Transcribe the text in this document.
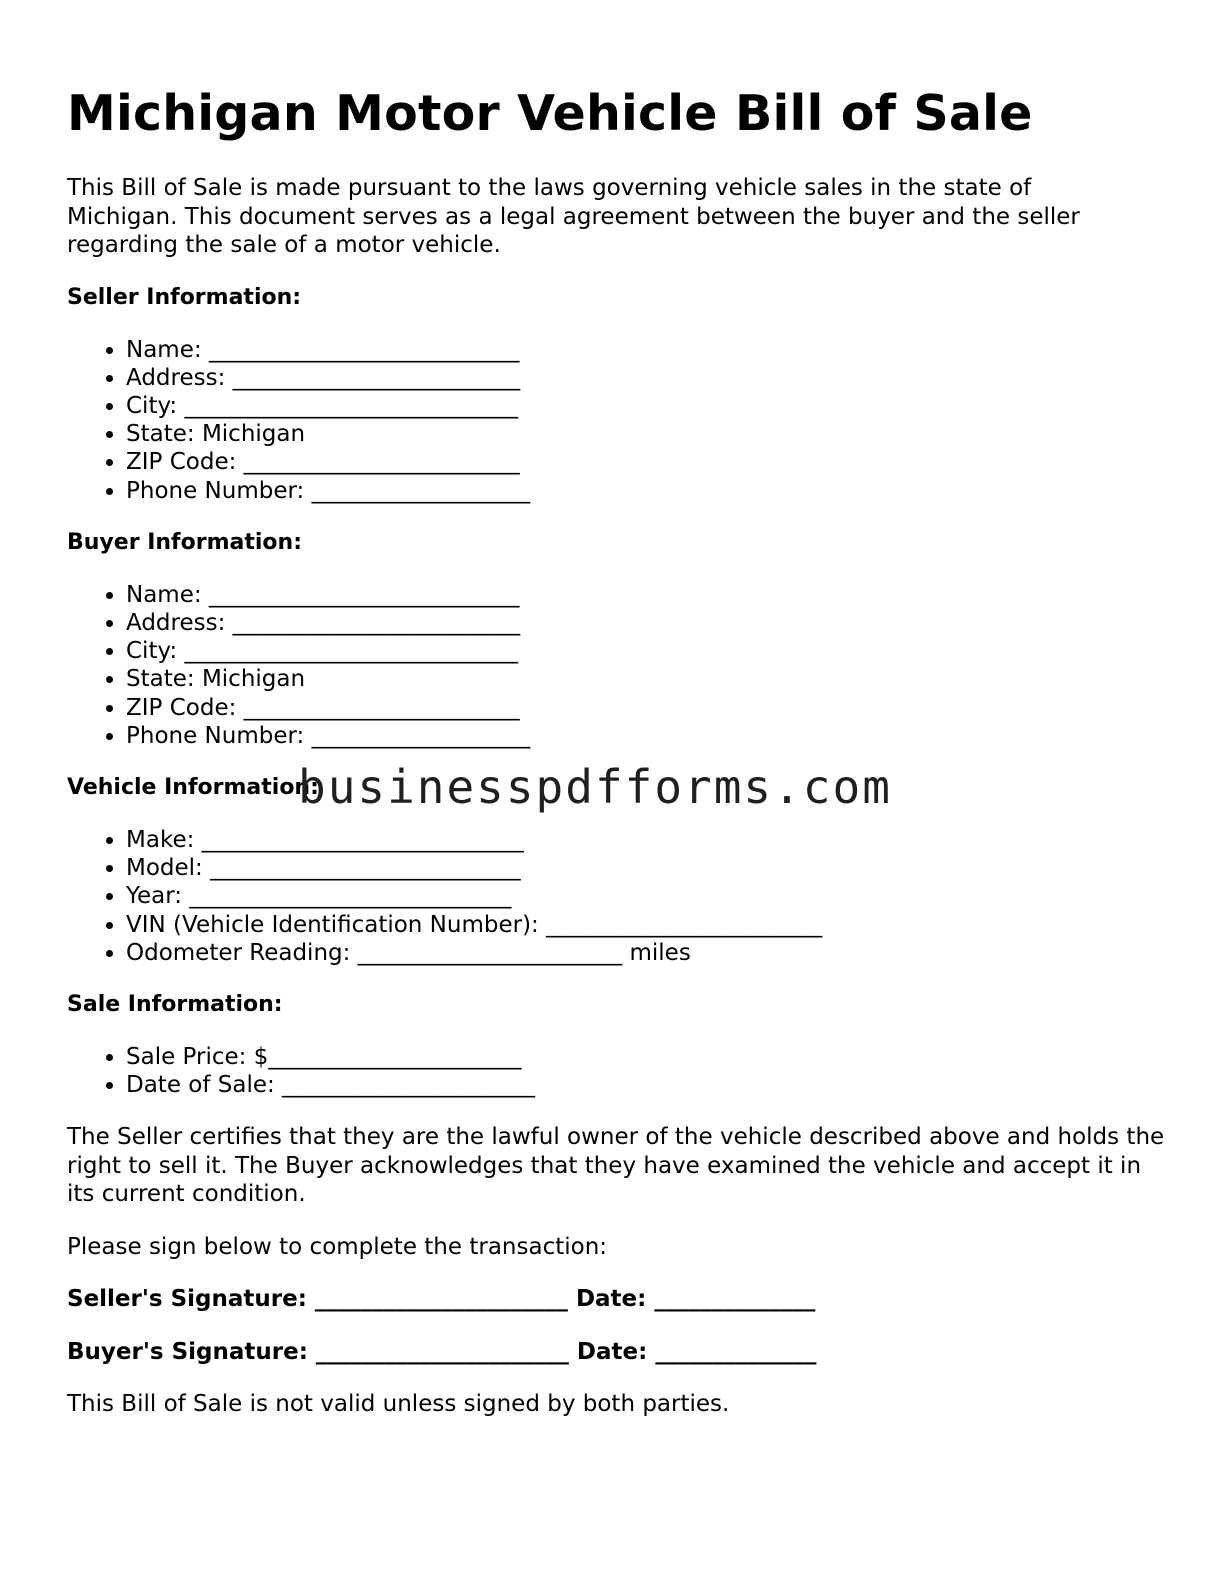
Michigan Motor Vehicle Bill of Sale

This Bill of Sale is made pursuant to the laws governing vehicle sales in the state of Michigan. This document serves as a legal agreement between the buyer and the seller regarding the sale of a motor vehicle.

Seller Information:
• Name: ___________________________
• Address: _________________________
• City: _____________________________
• State: Michigan
• ZIP Code: ________________________
• Phone Number: ___________________
Buyer Information:
• Name: ___________________________
• Address: _________________________
• City: _____________________________
• State: Michigan
• ZIP Code: ________________________
• Phone Number: ___________________
Vehicle Information:
• Make: ____________________________
• Model: ___________________________
• Year: ____________________________
• VIN (Vehicle Identification Number): ________________________
• Odometer Reading: _______________________ miles
Sale Information:
• Sale Price: $______________________
• Date of Sale: ______________________

The Seller certifies that they are the lawful owner of the vehicle described above and holds the right to sell it. The Buyer acknowledges that they have examined the vehicle and accept it in its current condition.

Please sign below to complete the transaction:

Seller's Signature: ______________________ Date: ______________
Buyer's Signature: ______________________ Date: ______________

This Bill of Sale is not valid unless signed by both parties.

businesspdfforms.com
